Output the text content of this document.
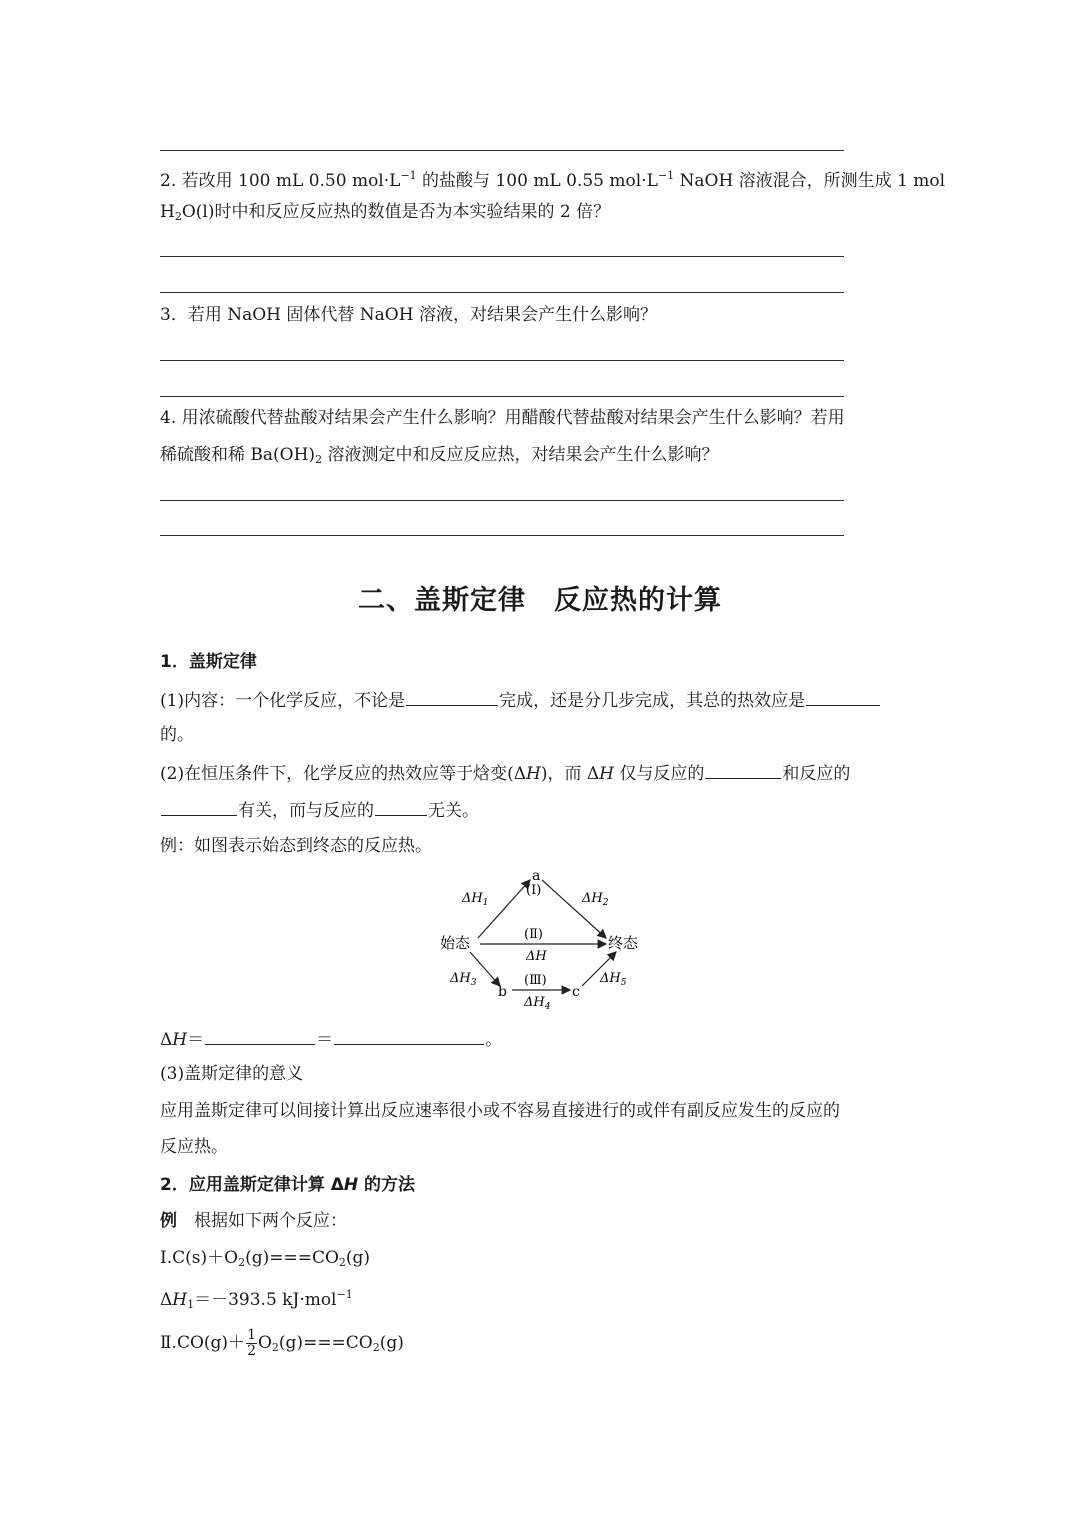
2. 若改用 100 mL 0.50 $mol\cdot L^{-1}$ 的盐酸与 100 mL 0.55 $mol\cdot L^{-1}$ NaOH 溶液混合，所测生成 1 mol
$H_2O(l)$时中和反应反应热的数值是否为本实验结果的 2 倍？
3．若用 NaOH 固体代替 NaOH 溶液，对结果会产生什么影响？
4. 用浓硫酸代替盐酸对结果会产生什么影响？用醋酸代替盐酸对结果会产生什么影响？若用
稀硫酸和稀 $Ba(OH)_2$ 溶液测定中和反应反应热，对结果会产生什么影响？
二、盖斯定律　反应热的计算
1．盖斯定律
(1)内容：一个化学反应，不论是	完成，还是分几步完成，其总的热效应是
的。
(2)在恒压条件下，化学反应的热效应等于焓变(ΔH)，而 ΔH 仅与反应的	和反应的
有关，而与反应的	无关。
例：如图表示始态到终态的反应热。
始态	终态
a
b	c
(Ⅰ)
(Ⅱ)
(Ⅲ)
$\Delta H_1$	$\Delta H_2$
ΔH
$\Delta H_3$
$\Delta H_4$
$\Delta H_5$
ΔH＝	＝	。
(3)盖斯定律的意义
应用盖斯定律可以间接计算出反应速率很小或不容易直接进行的或伴有副反应发生的反应的
反应热。
2．应用盖斯定律计算 ΔH 的方法
例　根据如下两个反应：
$Ⅰ.C(s)+O_2(g)===CO_2(g)$
$\Delta H_1=-393.5$ kJ·mol$^{-1}$
Ⅱ.CO(g)＋ $\frac{1}{2} O_2(g)===CO_2(g)$
